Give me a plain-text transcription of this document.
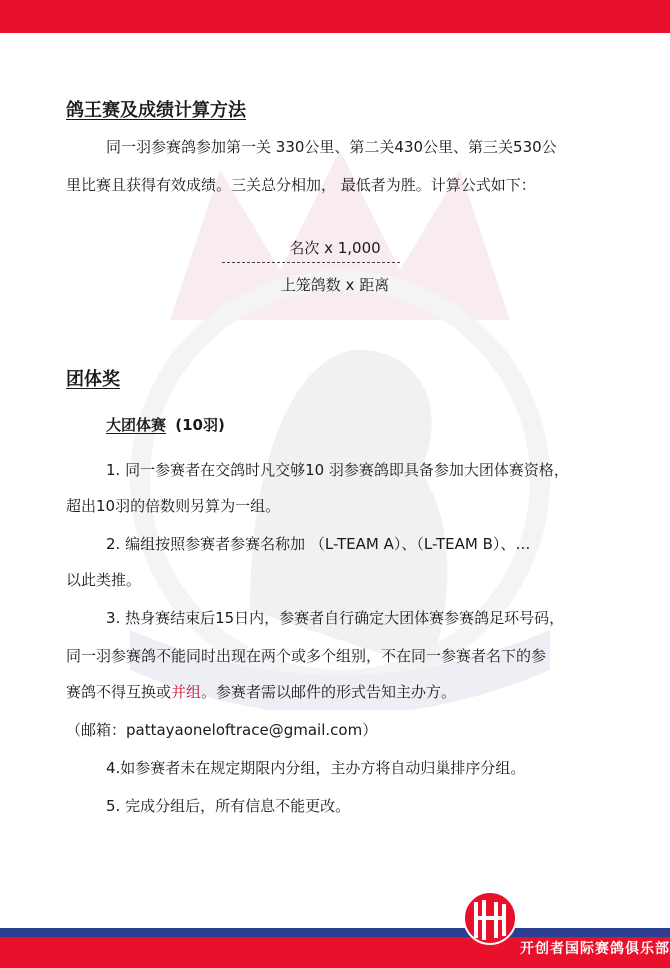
鸽王赛及成绩计算方法
同一羽参赛鸽参加第一关 330公里、第二关430公里、第三关530公
里比赛且获得有效成绩。三关总分相加， 最低者为胜。计算公式如下：
名次 x 1,000
上笼鸽数 x 距离
团体奖
大团体赛 (10羽)
1. 同一参赛者在交鸽时凡交够10 羽参赛鸽即具备参加大团体赛资格，
超出10羽的倍数则另算为一组。
2. 编组按照参赛者参赛名称加 （L-TEAM A）、（L-TEAM B）、…
以此类推。
3. 热身赛结束后15日内，参赛者自行确定大团体赛参赛鸽足环号码，
同一羽参赛鸽不能同时出现在两个或多个组别，不在同一参赛者名下的参
赛鸽不得互换或并组。参赛者需以邮件的形式告知主办方。
（邮箱：pattayaoneloftrace@gmail.com）
4.如参赛者未在规定期限内分组，主办方将自动归巢排序分组。
5. 完成分组后，所有信息不能更改。
开创者国际赛鸽俱乐部
